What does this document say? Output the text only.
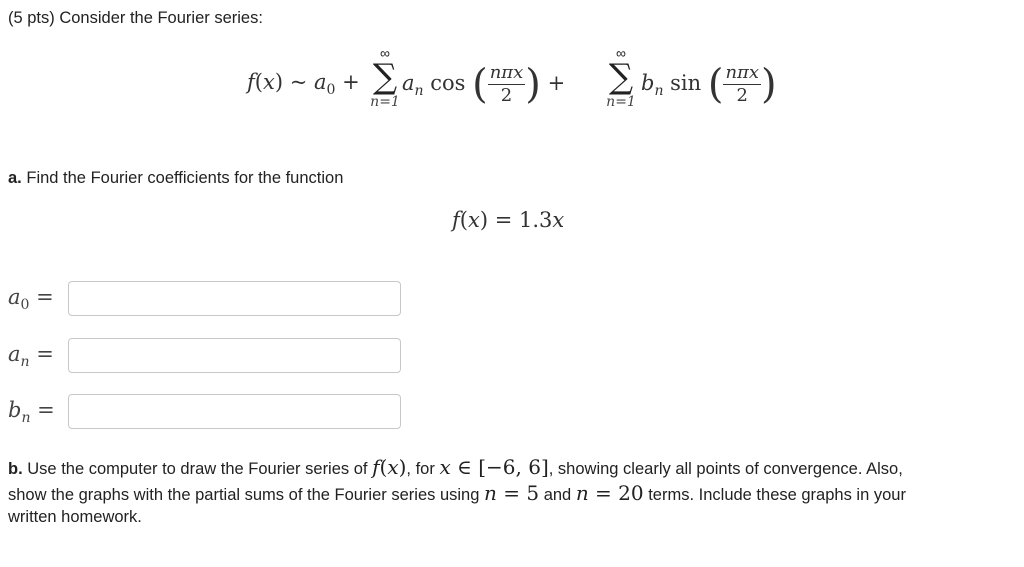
(5 pts) Consider the Fourier series:
f(x) ~ $a_0$ +
∞
∑
n=1
$a_n$ cos ( $\frac{\text{nπx}}{2}$ ) +
∞
∑
n=1
$b_n$ sin ( $\frac{\text{nπx}}{2}$ )
a. Find the Fourier coefficients for the function
f(x) = 1.3x
$a_0$ =
$a_n$ =
$b_n$ =
b. Use the computer to draw the Fourier series of f(x), for x ∈ [−6, 6], showing clearly all points of convergence. Also,
show the graphs with the partial sums of the Fourier series using n = 5 and n = 20 terms. Include these graphs in your
written homework.
